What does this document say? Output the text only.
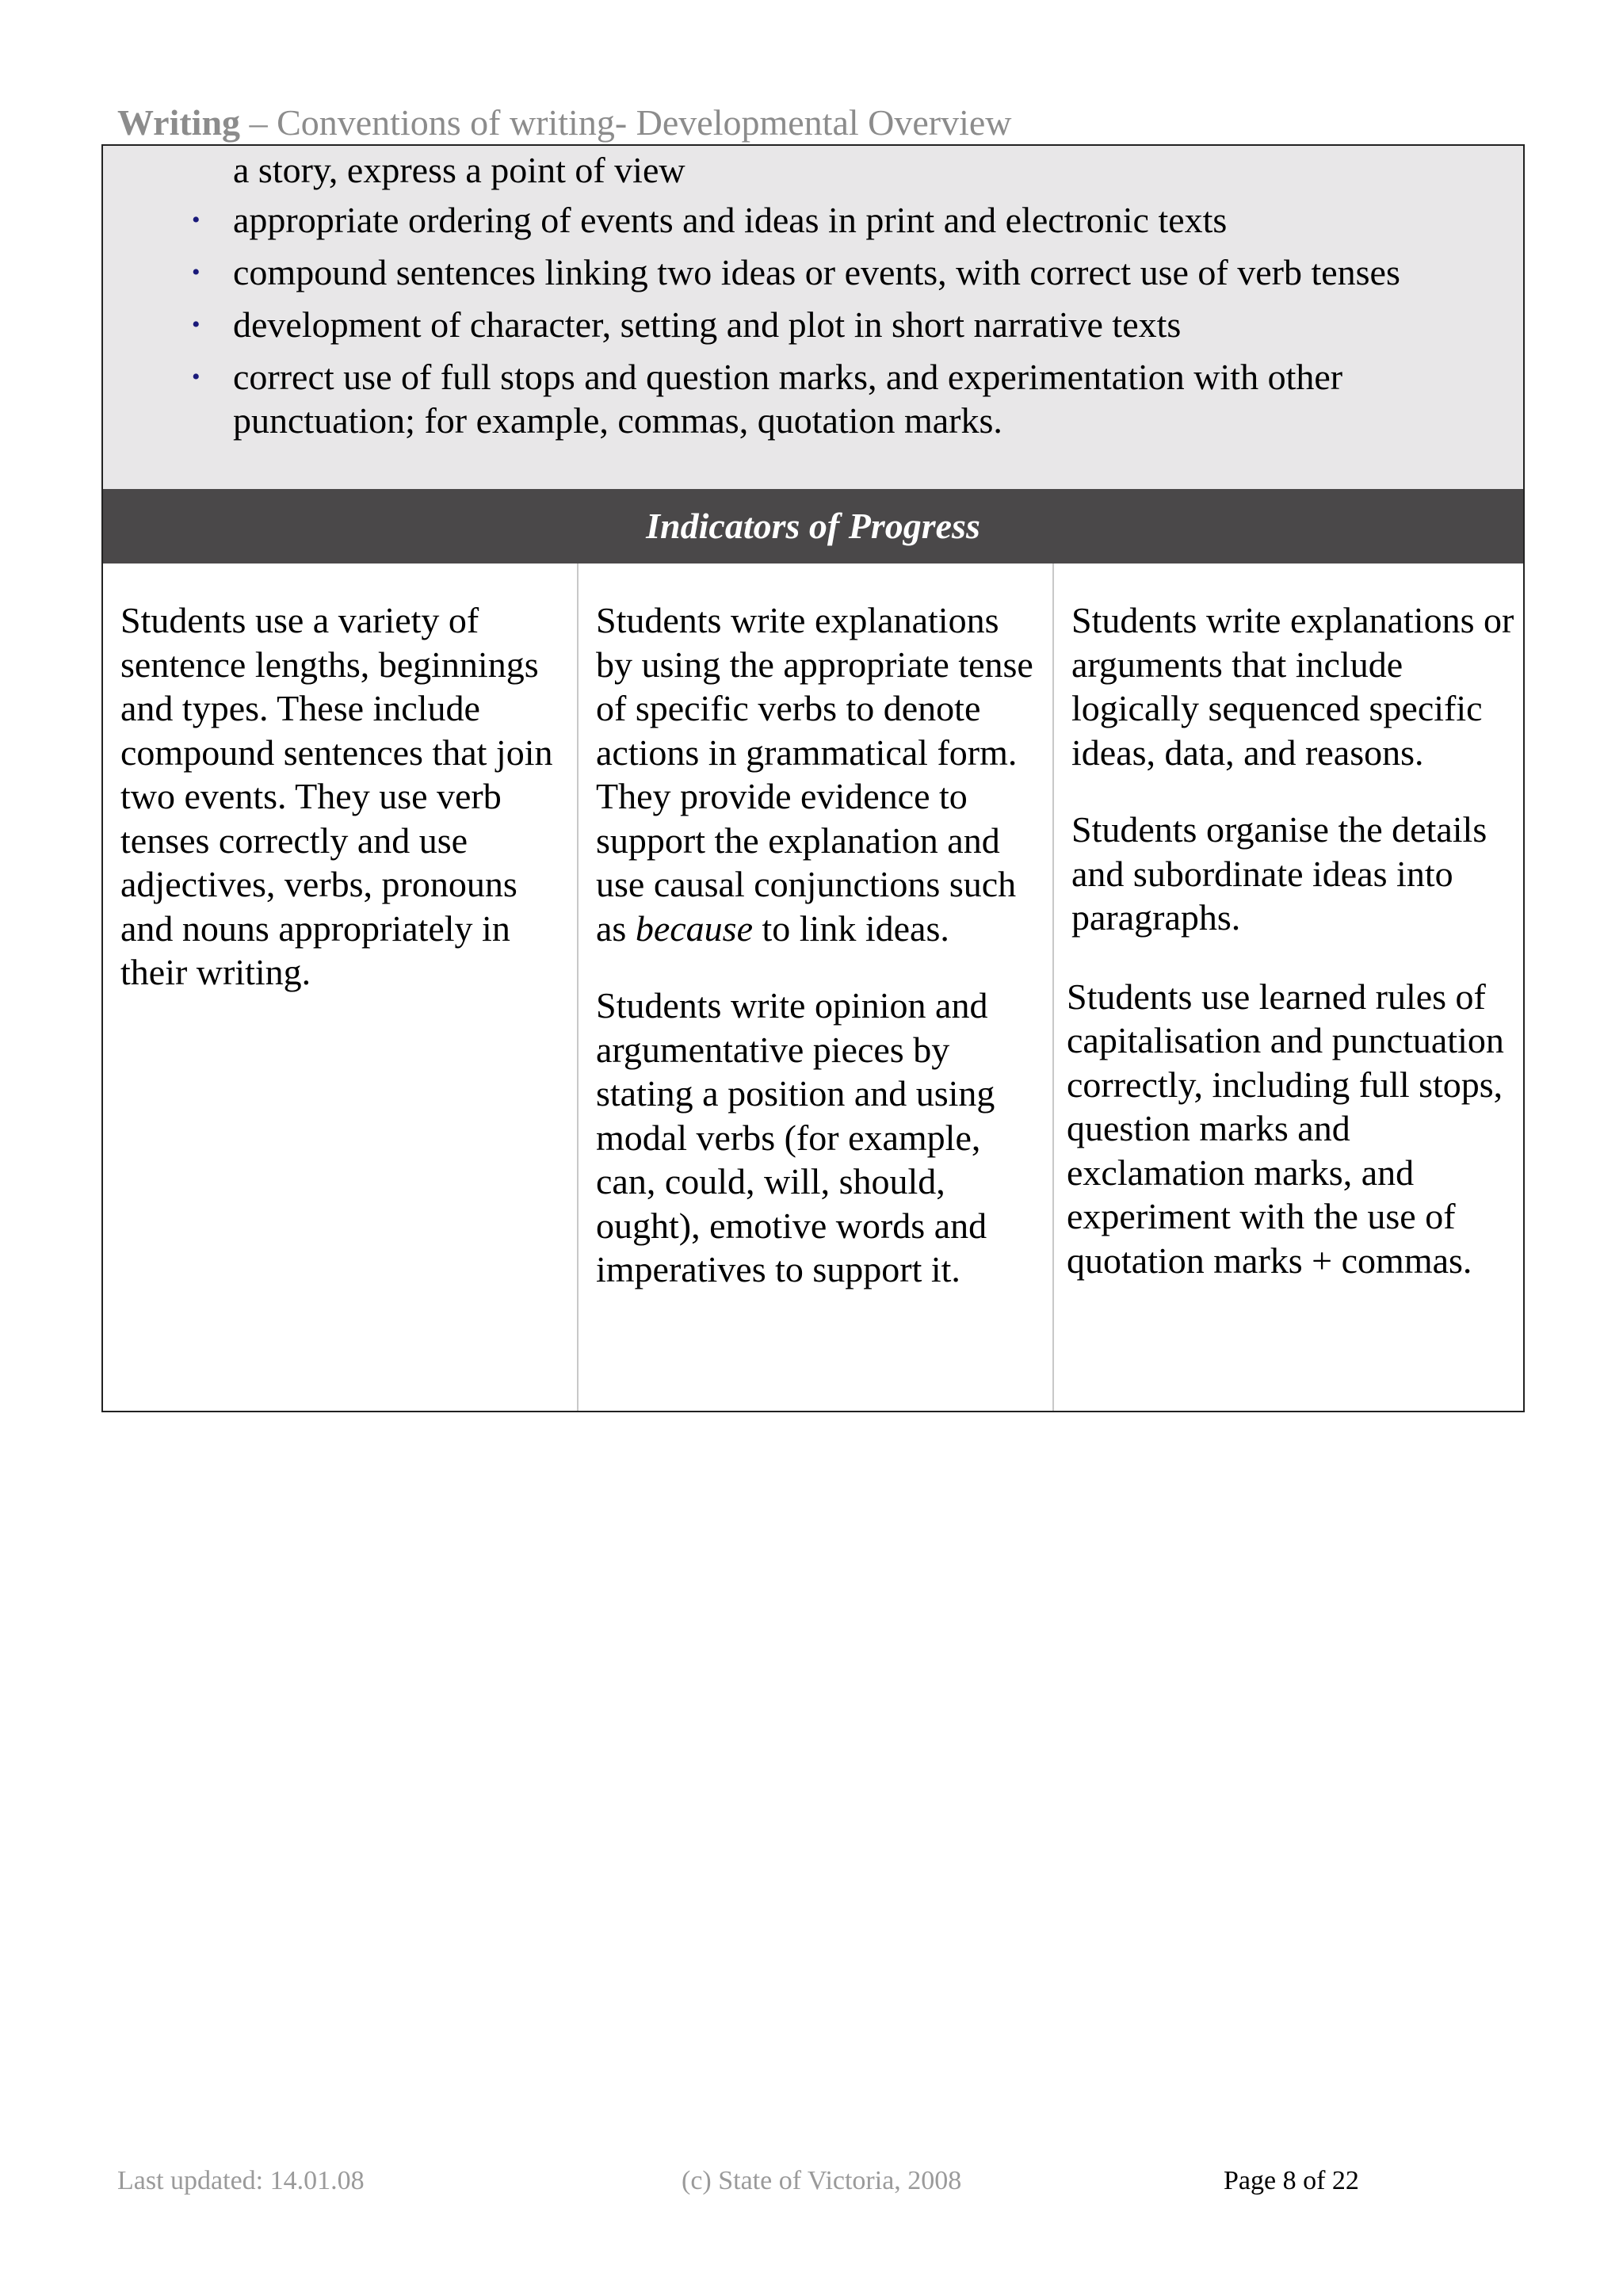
Writing – Conventions of writing- Developmental Overview
a story, express a point of view
• appropriate ordering of events and ideas in print and electronic texts
• compound sentences linking two ideas or events, with correct use of verb tenses
• development of character, setting and plot in short narrative texts
• correct use of full stops and question marks, and experimentation with other punctuation; for example, commas, quotation marks.
Indicators of Progress

Students use a variety of sentence lengths, beginnings and types. These include compound sentences that join two events. They use verb tenses correctly and use adjectives, verbs, pronouns and nouns appropriately in their writing.

Students write explanations by using the appropriate tense of specific verbs to denote actions in grammatical form. They provide evidence to support the explanation and use causal conjunctions such as because to link ideas.

Students write opinion and argumentative pieces by stating a position and using modal verbs (for example, can, could, will, should, ought), emotive words and imperatives to support it.

Students write explanations or arguments that include logically sequenced specific ideas, data, and reasons.

Students organise the details and subordinate ideas into paragraphs.

Students use learned rules of capitalisation and punctuation correctly, including full stops, question marks and exclamation marks, and experiment with the use of quotation marks + commas.

Last updated: 14.01.08	(c) State of Victoria, 2008	Page 8 of 22
